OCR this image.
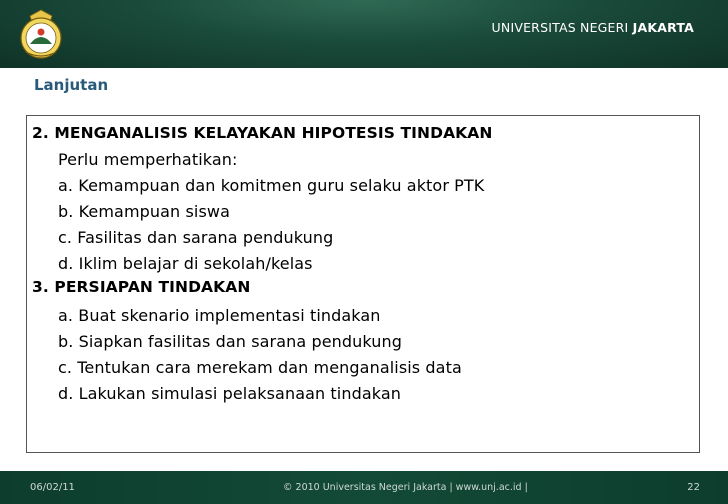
UNIVERSITAS NEGERI JAKARTA
Lanjutan
2. MENGANALISIS KELAYAKAN HIPOTESIS TINDAKAN
Perlu memperhatikan:
a. Kemampuan dan komitmen guru selaku aktor PTK
b. Kemampuan siswa
c. Fasilitas dan sarana pendukung
d. Iklim belajar di sekolah/kelas
3. PERSIAPAN TINDAKAN
a. Buat skenario implementasi tindakan
b. Siapkan fasilitas dan sarana pendukung
c. Tentukan cara merekam dan menganalisis data
d. Lakukan simulasi pelaksanaan tindakan
06/02/11	© 2010 Universitas Negeri Jakarta | www.unj.ac.id |	22
